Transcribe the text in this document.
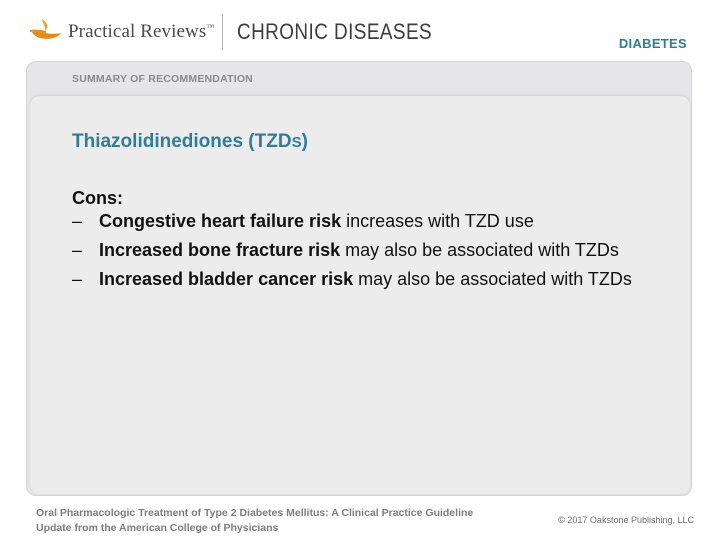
Practical Reviews™ CHRONIC DISEASES	DIABETES
SUMMARY OF RECOMMENDATION
Thiazolidinediones (TZDS)
Cons:
– Congestive heart failure risk increases with TZD use
– Increased bone fracture risk may also be associated with TZDs
– Increased bladder cancer risk may also be associated with TZDs
Oral Pharmacologic Treatment of Type 2 Diabetes Mellitus: A Clinical Practice Guideline
Update from the American College of Physicians
© 2017 Oakstone Publishing, LLC
